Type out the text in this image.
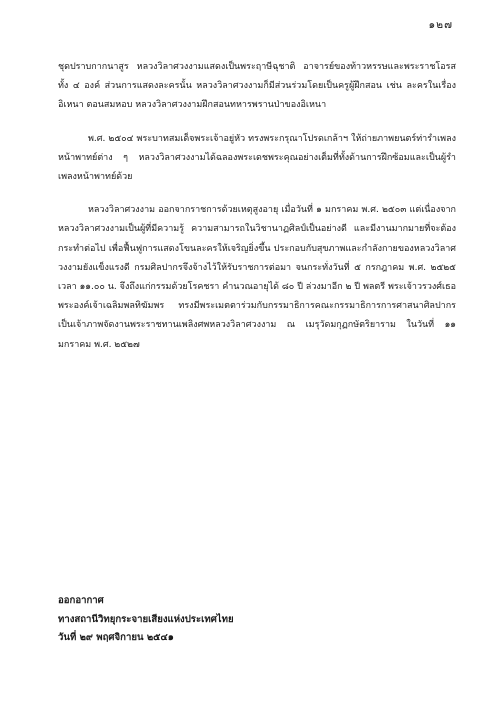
๑๒๗

ชุดปราบกากนาสูร หลวงวิลาศวงงามแสดงเป็นพระฤาษีฉุชาติ อาจารย์ของท้าวหรรษและพระราชโอรสทั้ง ๔ องค์ ส่วนการแสดงละครนั้น หลวงวิลาศวงงามก็มีส่วนร่วมโดยเป็นครูผู้ฝึกสอน เช่น ละครในเรื่องอิเหนา ตอนสมหอบ หลวงวิลาศวงงามฝึกสอนทหารพรานป่าของอิเหนา

พ.ศ. ๒๕๐๔ พระบาทสมเด็จพระเจ้าอยู่หัว ทรงพระกรุณาโปรดเกล้าฯ ให้ถ่ายภาพยนตร์ท่ารำเพลงหน้าพาทย์ต่าง ๆ หลวงวิลาศวงงามได้ฉลองพระเดชพระคุณอย่างเต็มที่ทั้งด้านการฝึกซ้อมและเป็นผู้รำเพลงหน้าพาทย์ด้วย

หลวงวิลาศวงงาม ออกจากราชการด้วยเหตุสูงอายุ เมื่อวันที่ ๑ มกราคม พ.ศ. ๒๕๐๓ แต่เนื่องจากหลวงวิลาศวงงามเป็นผู้ที่มีความรู้ ความสามารถในวิชานาฏศิลป์เป็นอย่างดี และมีงานมากมายที่จะต้องกระทำต่อไป เพื่อฟื้นฟูการแสดงโขนละครให้เจริญยิ่งขึ้น ประกอบกับสุขภาพและกำลังกายของหลวงวิลาศวงงามยังแข็งแรงดี กรมศิลปากรจึงจ้างไว้ให้รับราชการต่อมา จนกระทั่งวันที่ ๕ กรกฎาคม พ.ศ. ๒๕๒๕ เวลา ๑๑.๐๐ น. จึงถึงแก่กรรมด้วยโรคชรา คำนวณอายุได้ ๘๐ ปี ล่วงมาอีก ๒ ปี พลตรี พระเจ้าวรวงศ์เธอ พระองค์เจ้าเฉลิมพลทิฆัมพร ทรงมีพระเมตตาร่วมกับกรรมาธิการคณะกรรมาธิการการศาสนาศิลปากรเป็นเจ้าภาพจัดงานพระราชทานเพลิงศพหลวงวิลาศวงงาม ณ เมรุวัดมกุฏกษัตริยาราม ในวันที่ ๑๑ มกราคม พ.ศ. ๒๕๒๗

ออกอากาศ
ทางสถานีวิทยุกระจายเสียงแห่งประเทศไทย
วันที่ ๒๙ พฤศจิกายน ๒๕๔๑
